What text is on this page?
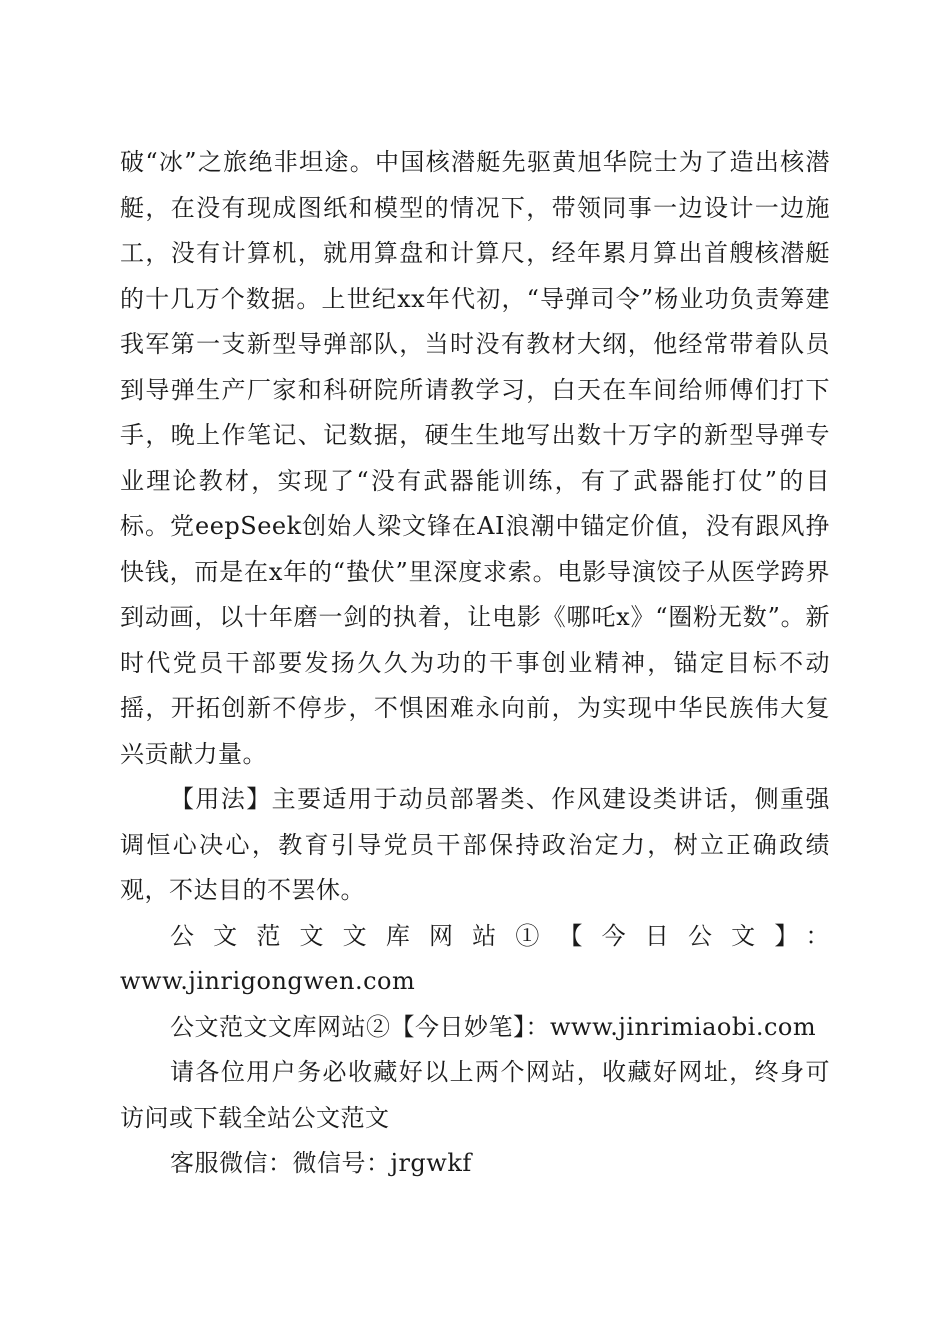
破“冰”之旅绝非坦途。中国核潜艇先驱黄旭华院士为了造出核潜艇，在没有现成图纸和模型的情况下，带领同事一边设计一边施工，没有计算机，就用算盘和计算尺，经年累月算出首艘核潜艇的十几万个数据。上世纪xx年代初，“导弹司令”杨业功负责筹建我军第一支新型导弹部队，当时没有教材大纲，他经常带着队员到导弹生产厂家和科研院所请教学习，白天在车间给师傅们打下手，晚上作笔记、记数据，硬生生地写出数十万字的新型导弹专业理论教材，实现了“没有武器能训练，有了武器能打仗”的目标。党eepSeek创始人梁文锋在AI浪潮中锚定价值，没有跟风挣快钱，而是在x年的“蛰伏”里深度求索。电影导演饺子从医学跨界到动画，以十年磨一剑的执着，让电影《哪吒x》“圈粉无数”。新时代党员干部要发扬久久为功的干事创业精神，锚定目标不动摇，开拓创新不停步，不惧困难永向前，为实现中华民族伟大复兴贡献力量。

【用法】主要适用于动员部署类、作风建设类讲话，侧重强调恒心决心，教育引导党员干部保持政治定力，树立正确政绩观，不达目的不罢休。

公文范文文库网站①【今日公文】：

www.jinrigongwen.com

公文范文文库网站②【今日妙笔】：www.jinrimiaobi.com

请各位用户务必收藏好以上两个网站，收藏好网址，终身可访问或下载全站公文范文

客服微信：微信号：jrgwkf
